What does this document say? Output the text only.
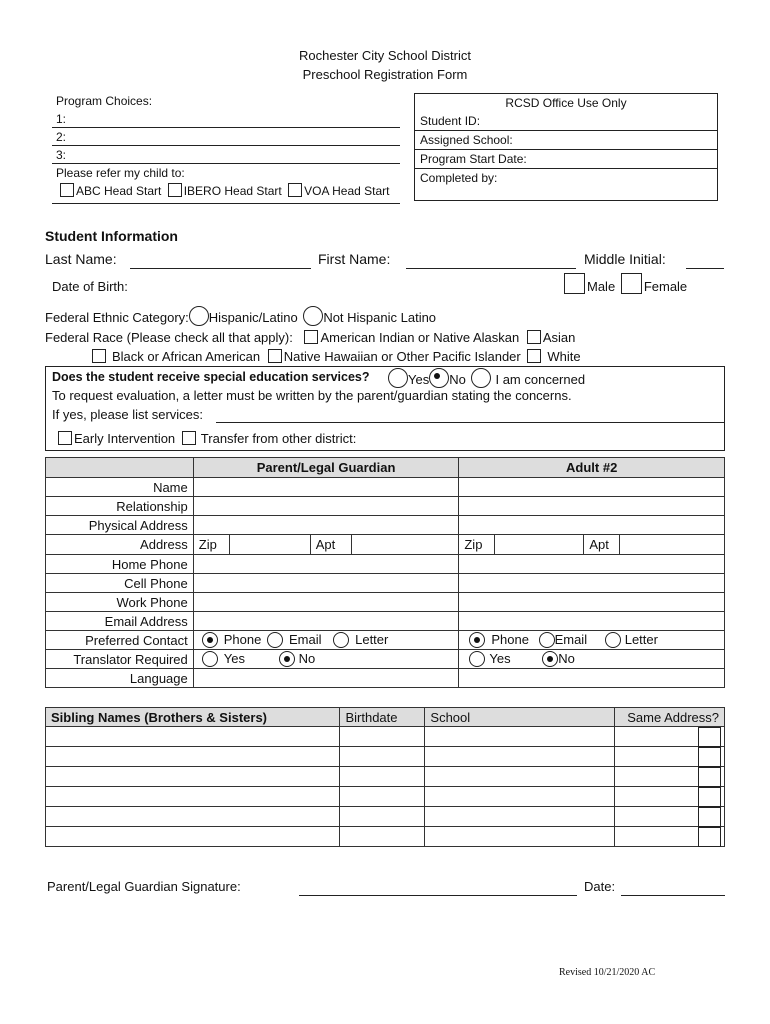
Rochester City School District
Preschool Registration Form
Program Choices:
1:
2:
3:
Please refer my child to:
ABC Head Start IBERO Head Start VOA Head Start
RCSD Office Use Only
Student ID:
Assigned School:
Program Start Date:
Completed by:
Student Information
Last Name:	First Name:	Middle Initial:
Date of Birth:	Male Female
Federal Ethnic Category: Hispanic/Latino Not Hispanic Latino
Federal Race (Please check all that apply): American Indian or Native Alaskan Asian
Black or African American Native Hawaiian or Other Pacific Islander White
Does the student receive special education services?	Yes No I am concerned
To request evaluation, a letter must be written by the parent/guardian stating the concerns.
If yes, please list services:
Early Intervention Transfer from other district:
	Parent/Legal Guardian	Adult #2
Name		
Relationship		
Physical Address		
Address	Zip Apt	Zip Apt

Home Phone		
Cell Phone		
Work Phone		
Email Address		
Preferred Contact	Phone Email Letter	Phone Email Letter
Translator Required	Yes No	Yes No
Language		
Sibling Names (Brothers & Sisters)	Birthdate	School	Same Address?

Parent/Legal Guardian Signature:	Date:
Revised 10/21/2020 AC
